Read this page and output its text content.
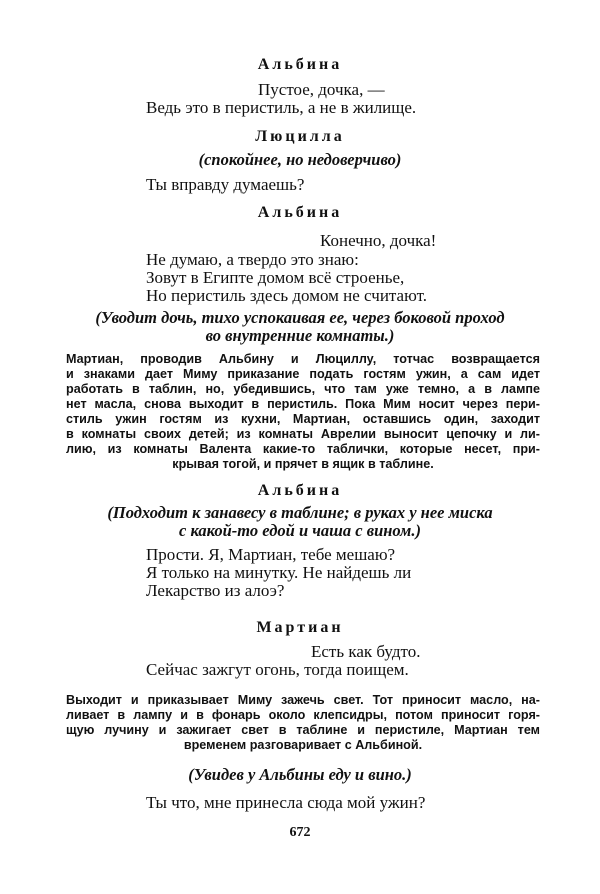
Альбина
Пустое, дочка, —
Ведь это в перистиль, а не в жилище.
Люцилла
(спокойнее, но недоверчиво)
Ты вправду думаешь?
Альбина
Конечно, дочка!
Не думаю, а твердо это знаю:
Зовут в Египте домом всё строенье,
Но перистиль здесь домом не считают.
(Уводит дочь, тихо успокаивая ее, через боковой проход
во внутренние комнаты.)
Мартиан, проводив Альбину и Люциллу, тотчас возвращается
и знаками дает Миму приказание подать гостям ужин, а сам идет
работать в таблин, но, убедившись, что там уже темно, а в лампе
нет масла, снова выходит в перистиль. Пока Мим носит через пери-
стиль ужин гостям из кухни, Мартиан, оставшись один, заходит
в комнаты своих детей; из комнаты Аврелии выносит цепочку и ли-
лию, из комнаты Валента какие-то таблички, которые несет, при-
крывая тогой, и прячет в ящик в таблине.
Альбина
(Подходит к занавесу в таблине; в руках у нее миска
с какой-то едой и чаша с вином.)
Прости. Я, Мартиан, тебе мешаю?
Я только на минутку. Не найдешь ли
Лекарство из алоэ?
Мартиан
Есть как будто.
Сейчас зажгут огонь, тогда поищем.
Выходит и приказывает Миму зажечь свет. Тот приносит масло, на-
ливает в лампу и в фонарь около клепсидры, потом приносит горя-
щую лучину и зажигает свет в таблине и перистиле, Мартиан тем
временем разговаривает с Альбиной.
(Увидев у Альбины еду и вино.)
Ты что, мне принесла сюда мой ужин?
672
